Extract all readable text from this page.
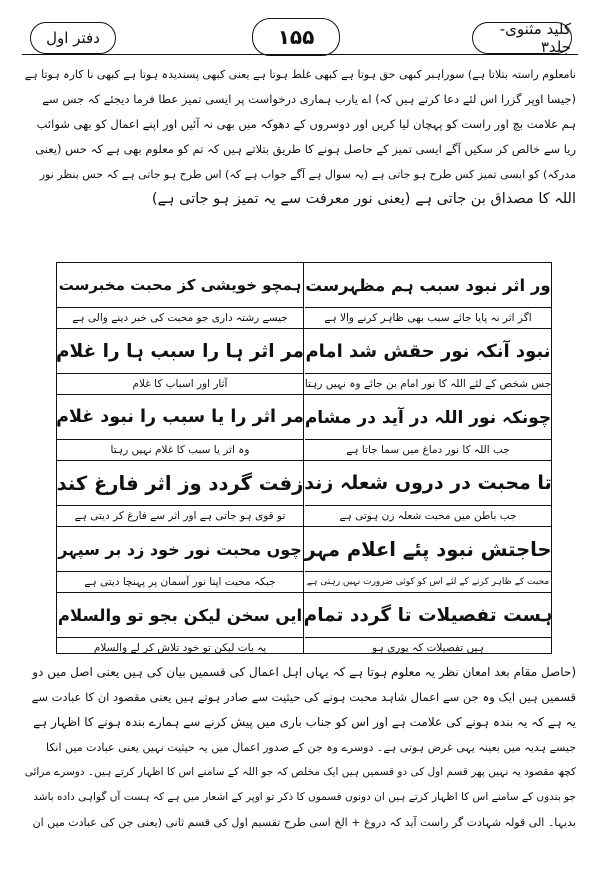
کلید مثنوی-جلد۳
۱۵۵
دفتر اول

نامعلوم راستہ بتلاتا ہے) سوراہبر کبھی حق ہوتا ہے کبھی غلط ہوتا ہے یعنی کبھی پسندیدہ ہوتا ہے کبھی نا کارہ ہوتا ہے

(جیسا اوپر گزرا اس لئے دعا کرتے ہیں کہ) اے یارب ہماری درخواست پر ایسی تمیز عطا فرما دیجئے کہ جس سے

ہم علامت بچ اور راست کو پہچان لیا کریں اور دوسروں کے دھوکہ میں بھی نہ آئیں اور اپنے اعمال کو بھی شوائب

ریا سے خالص کر سکیں آگے ایسی تمیز کے حاصل ہونے کا طریق بتلاتے ہیں کہ تم کو معلوم بھی ہے کہ حس (یعنی

مدرکہ) کو ایسی تمیز کس طرح ہو جاتی ہے (یہ سوال ہے آگے جواب ہے کہ) اس طرح ہو جاتی ہے کہ حس بنظر نور

اللہ کا مصداق بن جاتی ہے (یعنی نور معرفت سے یہ تمیز ہو جاتی ہے)

ور اثر نبود سبب ہم مظہرست
اگر اثر نہ پایا جائے سبب بھی ظاہر کرنے والا ہے
ہمچو خویشی کز محبت مخبرست
جیسے رشتہ داری جو محبت کی خبر دینے والی ہے
نبود آنکہ نور حقش شد امام
جس شخص کے لئے اللہ کا نور امام بن جائے وہ نہیں رہتا
مر اثر ہا را سبب ہا را غلام
آثار اور اسباب کا غلام
چونکہ نور اللہ در آید در مشام
جب اللہ کا نور دماغ میں سما جاتا ہے
مر اثر را یا سبب را نبود غلام
وہ اثر یا سبب کا غلام نہیں رہتا
تا محبت در دروں شعلہ زند
جب باطن میں محبت شعلہ زن ہوتی ہے
زفت گردد وز اثر فارغ کند
تو قوی ہو جاتی ہے اور اثر سے فارغ کر دیتی ہے
حاجتش نبود پئے اعلام مہر
محبت کے ظاہر کرنے کے لئے اس کو کوئی ضرورت نہیں رہتی ہے
چوں محبت نور خود زد بر سپہر
جبکہ محبت اپنا نور آسمان پر پہنچا دیتی ہے
ہست تفصیلات تا گردد تمام
ہیں تفصیلات کہ پوری ہو
ایں سخن لیکن بجو تو والسلام
یہ بات لیکن تو خود تلاش کر لے والسلام

(حاصل مقام بعد امعان نظر یہ معلوم ہوتا ہے کہ یہاں اہل اعمال کی قسمیں بیان کی ہیں یعنی اصل میں دو

قسمیں ہیں ایک وہ جن سے اعمال شاہد محبت ہونے کی حیثیت سے صادر ہوتے ہیں یعنی مقصود ان کا عبادت سے

یہ ہے کہ یہ بندہ ہونے کی علامت ہے اور اس کو جناب باری میں پیش کرنے سے ہمارے بندہ ہونے کا اظہار ہے

جیسے ہدیہ میں بعینہ یہی غرض ہوتی ہے۔ دوسرے وہ جن کے صدور اعمال میں یہ حیثیت نہیں یعنی عبادت میں انکا

کچھ مقصود یہ نہیں پھر قسم اول کی دو قسمیں ہیں ایک مخلص کہ جو اللہ کے سامنے اس کا اظہار کرتے ہیں۔ دوسرے مرائی

جو بندوں کے سامنے اس کا اظہار کرتے ہیں ان دونوں قسموں کا ذکر تو اوپر کے اشعار میں ہے کہ ہست آں گواہی داده باشد

بدیہا۔ الی قولہ شہادت گر راست آید کہ دروغ + الخ اسی طرح تقسیم اول کی قسم ثانی (یعنی جن کی عبادت میں ان
